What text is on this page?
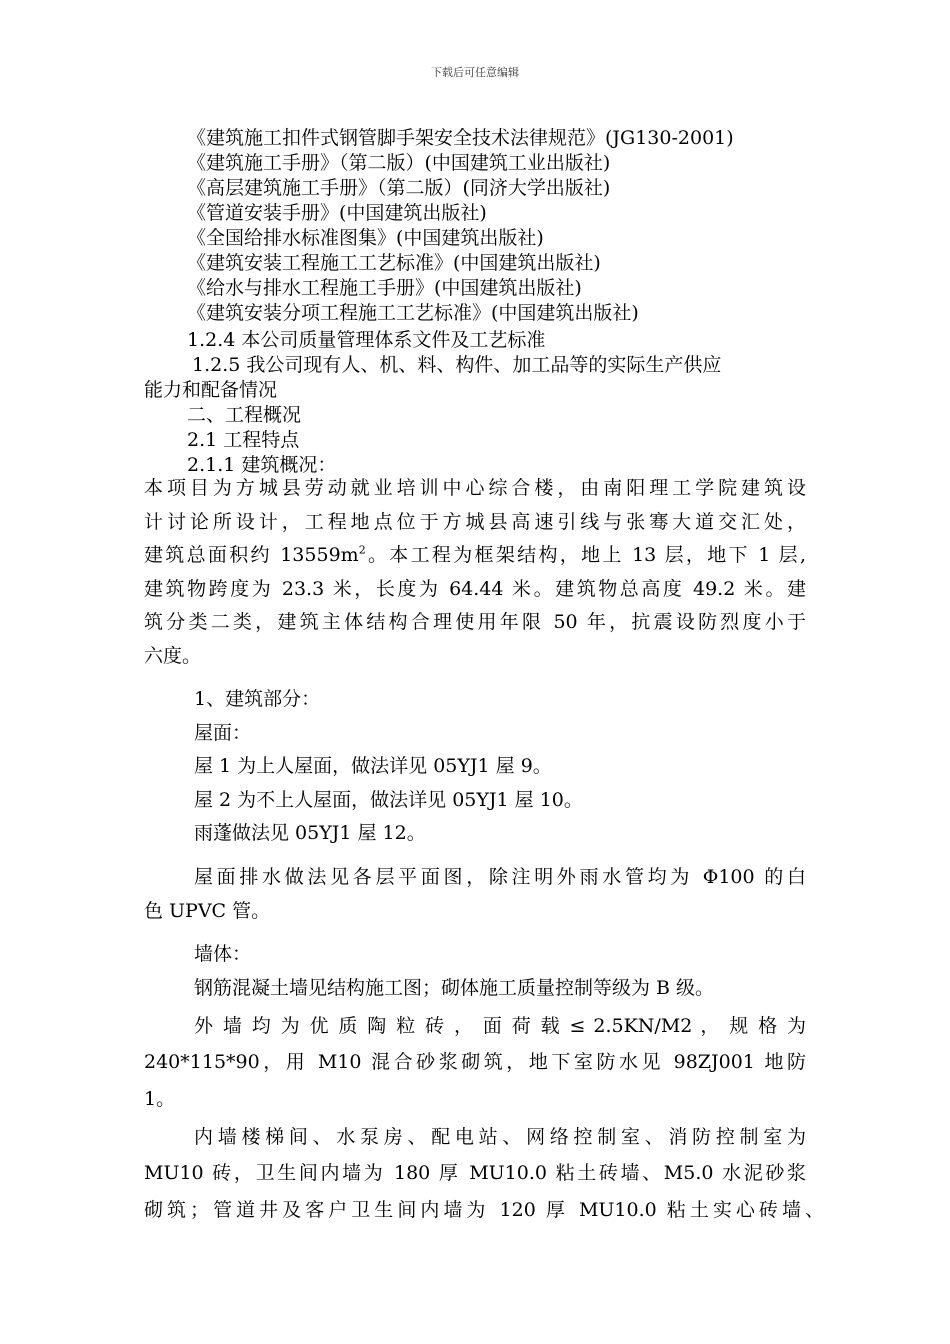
下载后可任意编辑
《建筑施工扣件式钢管脚手架安全技术法律规范》(JG130-2001)
《建筑施工手册》（第二版）(中国建筑工业出版社)
《高层建筑施工手册》（第二版）(同济大学出版社)
《管道安装手册》(中国建筑出版社)
《全国给排水标准图集》(中国建筑出版社)
《建筑安装工程施工工艺标准》(中国建筑出版社)
《给水与排水工程施工手册》(中国建筑出版社)
《建筑安装分项工程施工工艺标准》(中国建筑出版社)
1.2.4 本公司质量管理体系文件及工艺标准
1.2.5 我公司现有人、机、料、构件、加工品等的实际生产供应
能力和配备情况
二、工程概况
2.1 工程特点
2.1.1 建筑概况：
本项目为方城县劳动就业培训中心综合楼，由南阳理工学院建筑设
计讨论所设计，工程地点位于方城县高速引线与张骞大道交汇处，
建筑总面积约 $13559m^2$。本工程为框架结构，地上 13 层，地下 1 层,
建筑物跨度为 23.3 米，长度为 64.44 米。建筑物总高度 49.2 米。建
筑分类二类，建筑主体结构合理使用年限 50 年，抗震设防烈度小于
六度。
1、建筑部分：
屋面：
屋 1 为上人屋面，做法详见 05YJ1 屋 9。
屋 2 为不上人屋面，做法详见 05YJ1 屋 10。
雨蓬做法见 05YJ1 屋 12。
屋面排水做法见各层平面图，除注明外雨水管均为 Φ100 的白
色 UPVC 管。
墙体：
钢筋混凝土墙见结构施工图；砌体施工质量控制等级为 B 级。
外 墙 均 为 优 质 陶 粒 砖 ， 面 荷 载 ≤ 2.5KN/M2 ， 规 格 为
240*115*90，用 M10 混合砂浆砌筑，地下室防水见 98ZJ001 地防
1。
内墙楼梯间、水泵房、配电站、网络控制室、消防控制室为
MU10 砖，卫生间内墙为 180 厚 MU10.0 粘土砖墙、M5.0 水泥砂浆
砌筑；管道井及客户卫生间内墙为 120 厚 MU10.0 粘土实心砖墙、
